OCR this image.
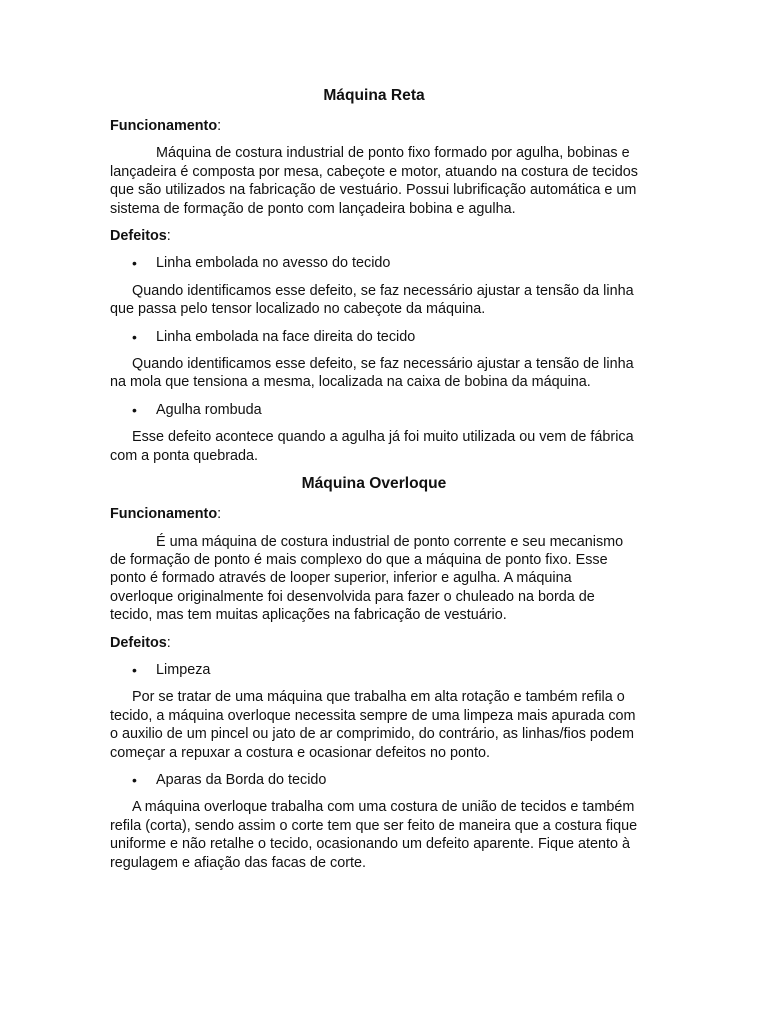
Máquina Reta
Funcionamento:
Máquina de costura industrial de ponto fixo formado por agulha, bobinas e lançadeira é composta por mesa, cabeçote e motor, atuando na costura de tecidos que são utilizados na fabricação de vestuário. Possui lubrificação automática e um sistema de formação de ponto com lançadeira bobina e agulha.
Defeitos:
• Linha embolada no avesso do tecido
Quando identificamos esse defeito, se faz necessário ajustar a tensão da linha que passa pelo tensor localizado no cabeçote da máquina.
• Linha embolada na face direita do tecido
Quando identificamos esse defeito, se faz necessário ajustar a tensão de linha na mola que tensiona a mesma, localizada na caixa de bobina da máquina.
• Agulha rombuda
Esse defeito acontece quando a agulha já foi muito utilizada ou vem de fábrica com a ponta quebrada.
Máquina Overloque
Funcionamento:
É uma máquina de costura industrial de ponto corrente e seu mecanismo de formação de ponto é mais complexo do que a máquina de ponto fixo. Esse ponto é formado através de looper superior, inferior e agulha. A máquina overloque originalmente foi desenvolvida para fazer o chuleado na borda de tecido, mas tem muitas aplicações na fabricação de vestuário.
Defeitos:
• Limpeza
Por se tratar de uma máquina que trabalha em alta rotação e também refila o tecido, a máquina overloque necessita sempre de uma limpeza mais apurada com o auxilio de um pincel ou jato de ar comprimido, do contrário, as linhas/fios podem começar a repuxar a costura e ocasionar defeitos no ponto.
• Aparas da Borda do tecido
A máquina overloque trabalha com uma costura de união de tecidos e também refila (corta), sendo assim o corte tem que ser feito de maneira que a costura fique uniforme e não retalhe o tecido, ocasionando um defeito aparente. Fique atento à regulagem e afiação das facas de corte.
